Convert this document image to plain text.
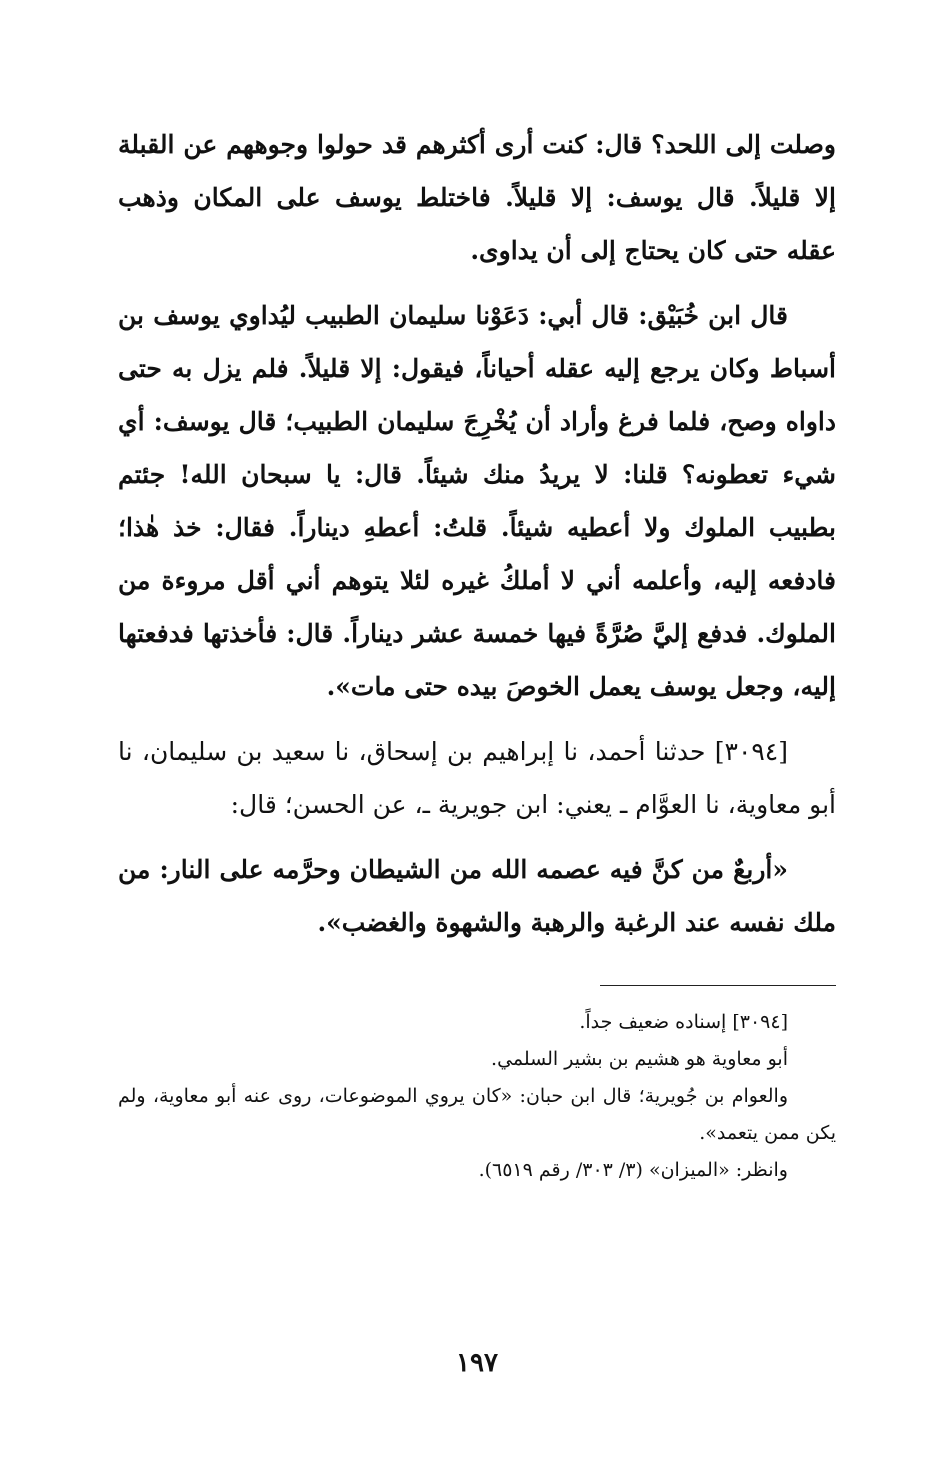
وصلت إلى اللحد؟ قال: كنت أرى أكثرهم قد حولوا وجوههم عن القبلة إلا قليلاً. قال يوسف: إلا قليلاً. فاختلط يوسف على المكان وذهب عقله حتى كان يحتاج إلى أن يداوى.

قال ابن خُبَيْق: قال أبي: دَعَوْنا سليمان الطبيب ليُداوي يوسف بن أسباط وكان يرجع إليه عقله أحياناً، فيقول: إلا قليلاً. فلم يزل به حتى داواه وصح، فلما فرغ وأراد أن يُخْرِجَ سليمان الطبيب؛ قال يوسف: أي شيء تعطونه؟ قلنا: لا يريدُ منك شيئاً. قال: يا سبحان الله! جئتم بطبيب الملوك ولا أعطيه شيئاً. قلتُ: أعطهِ ديناراً. فقال: خذ هٰذا؛ فادفعه إليه، وأعلمه أني لا أملكُ غيره لئلا يتوهم أني أقل مروءة من الملوك. فدفع إليَّ صُرَّةً فيها خمسة عشر ديناراً. قال: فأخذتها فدفعتها إليه، وجعل يوسف يعمل الخوصَ بيده حتى مات».

[٣٠٩٤] حدثنا أحمد، نا إبراهيم بن إسحاق، نا سعيد بن سليمان، نا أبو معاوية، نا العوَّام ـ يعني: ابن جويرية ـ، عن الحسن؛ قال:

«أربعٌ من كنَّ فيه عصمه الله من الشيطان وحرَّمه على النار: من ملك نفسه عند الرغبة والرهبة والشهوة والغضب».

[٣٠٩٤] إسناده ضعيف جداً.

أبو معاوية هو هشيم بن بشير السلمي.

والعوام بن جُويرية؛ قال ابن حبان: «كان يروي الموضوعات، روى عنه أبو معاوية، ولم يكن ممن يتعمد».

وانظر: «الميزان» (٣/ ٣٠٣/ رقم ٦٥١٩).

١٩٧
